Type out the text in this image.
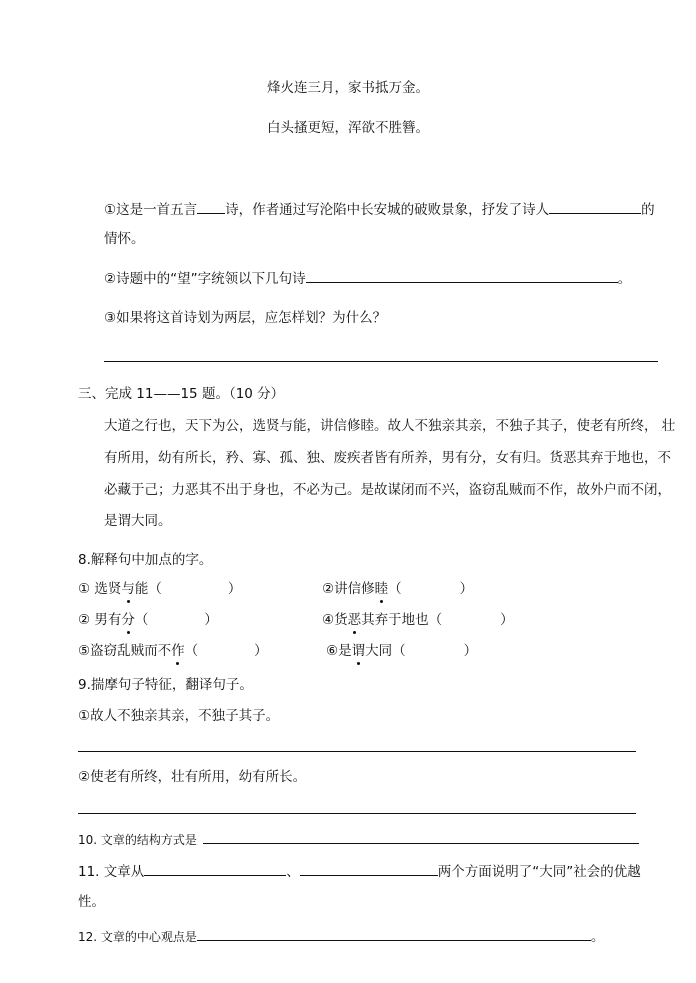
烽火连三月，家书抵万金。
白头搔更短，浑欲不胜簪。
①这是一首五言 诗，作者通过写沦陷中长安城的破败景象，抒发了诗人	的
情怀。
②诗题中的“望”字统领以下几句诗	。
③如果将这首诗划为两层，应怎样划？为什么？
三、完成 11——15 题。（10 分）
大道之行也，天下为公，选贤与能，讲信修睦。故人不独亲其亲，不独子其子，使老有所终， 壮
有所用，幼有所长，矜、寡、孤、独、废疾者皆有所养，男有分，女有归。货恶其弃于地也，不
必藏于己；力恶其不出于身也，不必为己。是故谋闭而不兴，盗窃乱贼而不作，故外户而不闭，
是谓大同。
8.解释句中加点的字。
① 选贤与能（	）	②讲信修睦（	）
② 男有分（	）	④货恶其弃于地也（	）
⑤盗窃乱贼而不作（	）	⑥是谓大同（	）
9.揣摩句子特征，翻译句子。
①故人不独亲其亲，不独子其子。
②使老有所终，壮有所用，幼有所长。
10. 文章的结构方式是
11. 文章从	、	两个方面说明了“大同”社会的优越
性。
12. 文章的中心观点是	。
